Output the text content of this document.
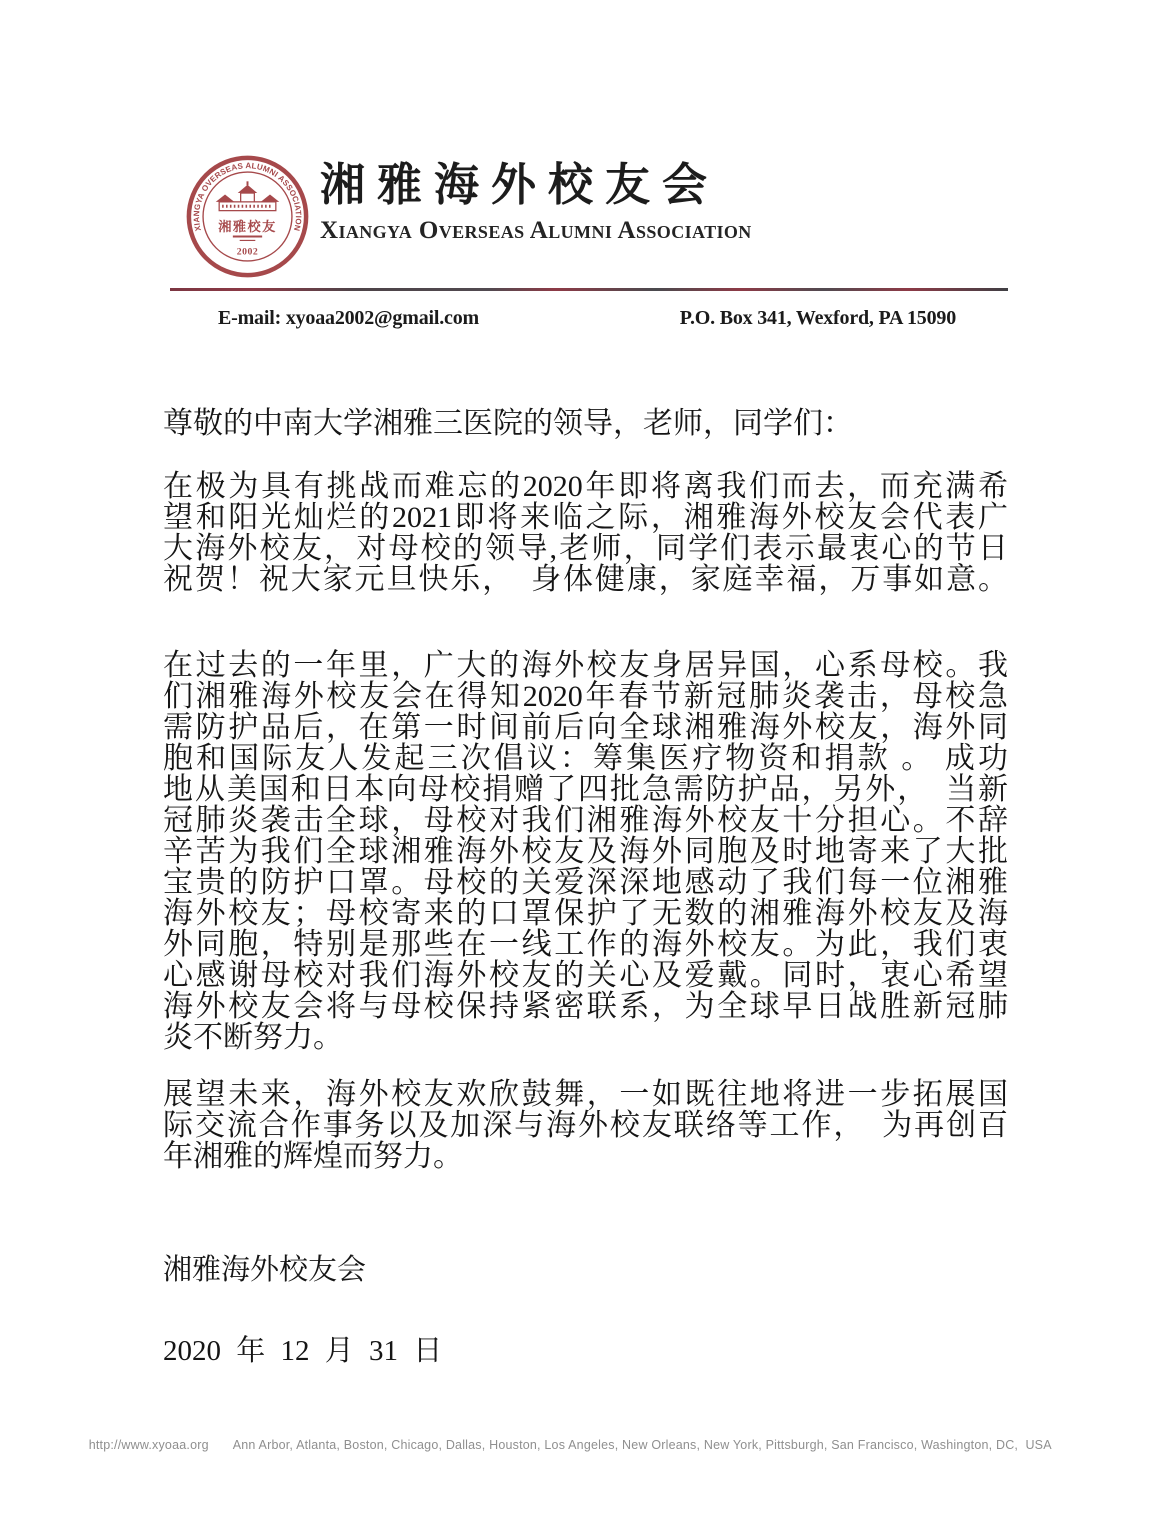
XIANGYA OVERSEAS ALUMNI ASSOCIATION
湘雅校友
2002
湘雅海外校友会
Xiangya Overseas Alumni Association
E-mail: xyoaa2002@gmail.com	P.O. Box 341, Wexford, PA 15090
尊敬的中南大学湘雅三医院的领导，老师，同学们：
在极为具有挑战而难忘的2020年即将离我们而去，而充满希
望和阳光灿烂的2021即将来临之际，湘雅海外校友会代表广
大海外校友，对母校的领导,老师，同学们表示最衷心的节日
祝贺！祝大家元旦快乐，　身体健康，家庭幸福，万事如意。
在过去的一年里，广大的海外校友身居异国，心系母校。我
们湘雅海外校友会在得知2020年春节新冠肺炎袭击，母校急
需防护品后，在第一时间前后向全球湘雅海外校友，海外同
胞和国际友人发起三次倡议：筹集医疗物资和捐款 。 成功
地从美国和日本向母校捐赠了四批急需防护品，另外，　当新
冠肺炎袭击全球，母校对我们湘雅海外校友十分担心。不辞
辛苦为我们全球湘雅海外校友及海外同胞及时地寄来了大批
宝贵的防护口罩。母校的关爱深深地感动了我们每一位湘雅
海外校友；母校寄来的口罩保护了无数的湘雅海外校友及海
外同胞，特别是那些在一线工作的海外校友。为此，我们衷
心感谢母校对我们海外校友的关心及爱戴。同时，衷心希望
海外校友会将与母校保持紧密联系，为全球早日战胜新冠肺
炎不断努力。
展望未来，海外校友欢欣鼓舞，一如既往地将进一步拓展国
际交流合作事务以及加深与海外校友联络等工作，　为再创百
年湘雅的辉煌而努力。
湘雅海外校友会
2020 年 12 月 31 日

http://www.xyoaa.org Ann Arbor, Atlanta, Boston, Chicago, Dallas, Houston, Los Angeles, New Orleans, New York, Pittsburgh, San Francisco, Washington, DC,  USA
